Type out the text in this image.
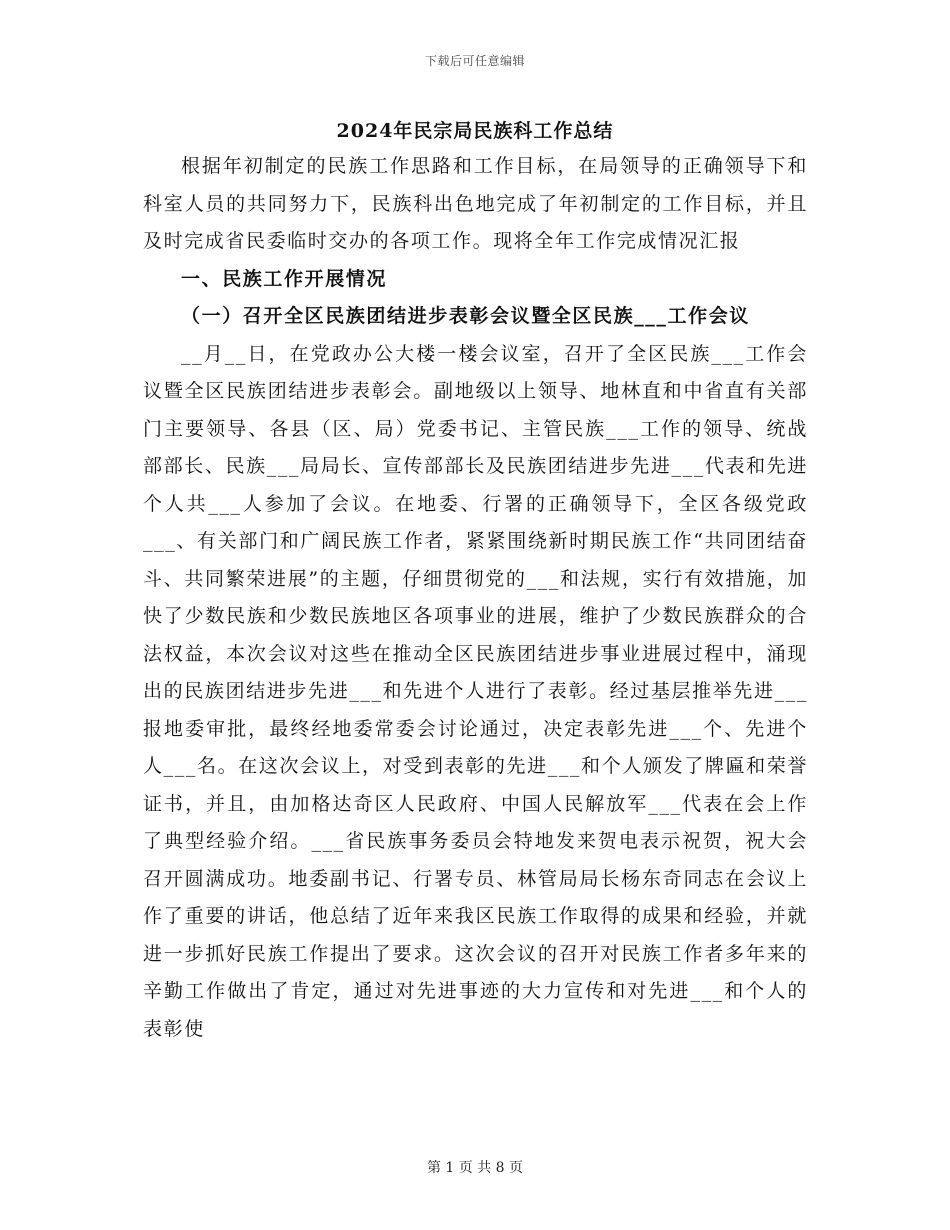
下载后可任意编辑
2024年民宗局民族科工作总结

根据年初制定的民族工作思路和工作目标，在局领导的正确领导下和科室人员的共同努力下，民族科出色地完成了年初制定的工作目标，并且及时完成省民委临时交办的各项工作。现将全年工作完成情况汇报

一、民族工作开展情况

（一）召开全区民族团结进步表彰会议暨全区民族___工作会议

__月__日，在党政办公大楼一楼会议室，召开了全区民族___工作会议暨全区民族团结进步表彰会。副地级以上领导、地林直和中省直有关部门主要领导、各县（区、局）党委书记、主管民族___工作的领导、统战部部长、民族___局局长、宣传部部长及民族团结进步先进___代表和先进个人共___人参加了会议。在地委、行署的正确领导下，全区各级党政___、有关部门和广阔民族工作者，紧紧围绕新时期民族工作“共同团结奋斗、共同繁荣进展”的主题，仔细贯彻党的___和法规，实行有效措施，加快了少数民族和少数民族地区各项事业的进展，维护了少数民族群众的合法权益，本次会议对这些在推动全区民族团结进步事业进展过程中，涌现出的民族团结进步先进___和先进个人进行了表彰。经过基层推举先进___报地委审批，最终经地委常委会讨论通过，决定表彰先进___个、先进个人___名。在这次会议上，对受到表彰的先进___和个人颁发了牌匾和荣誉证书，并且，由加格达奇区人民政府、中国人民解放军___代表在会上作了典型经验介绍。___省民族事务委员会特地发来贺电表示祝贺，祝大会召开圆满成功。地委副书记、行署专员、林管局局长杨东奇同志在会议上作了重要的讲话，他总结了近年来我区民族工作取得的成果和经验，并就进一步抓好民族工作提出了要求。这次会议的召开对民族工作者多年来的辛勤工作做出了肯定，通过对先进事迹的大力宣传和对先进___和个人的表彰使

第 1 页 共 8 页
